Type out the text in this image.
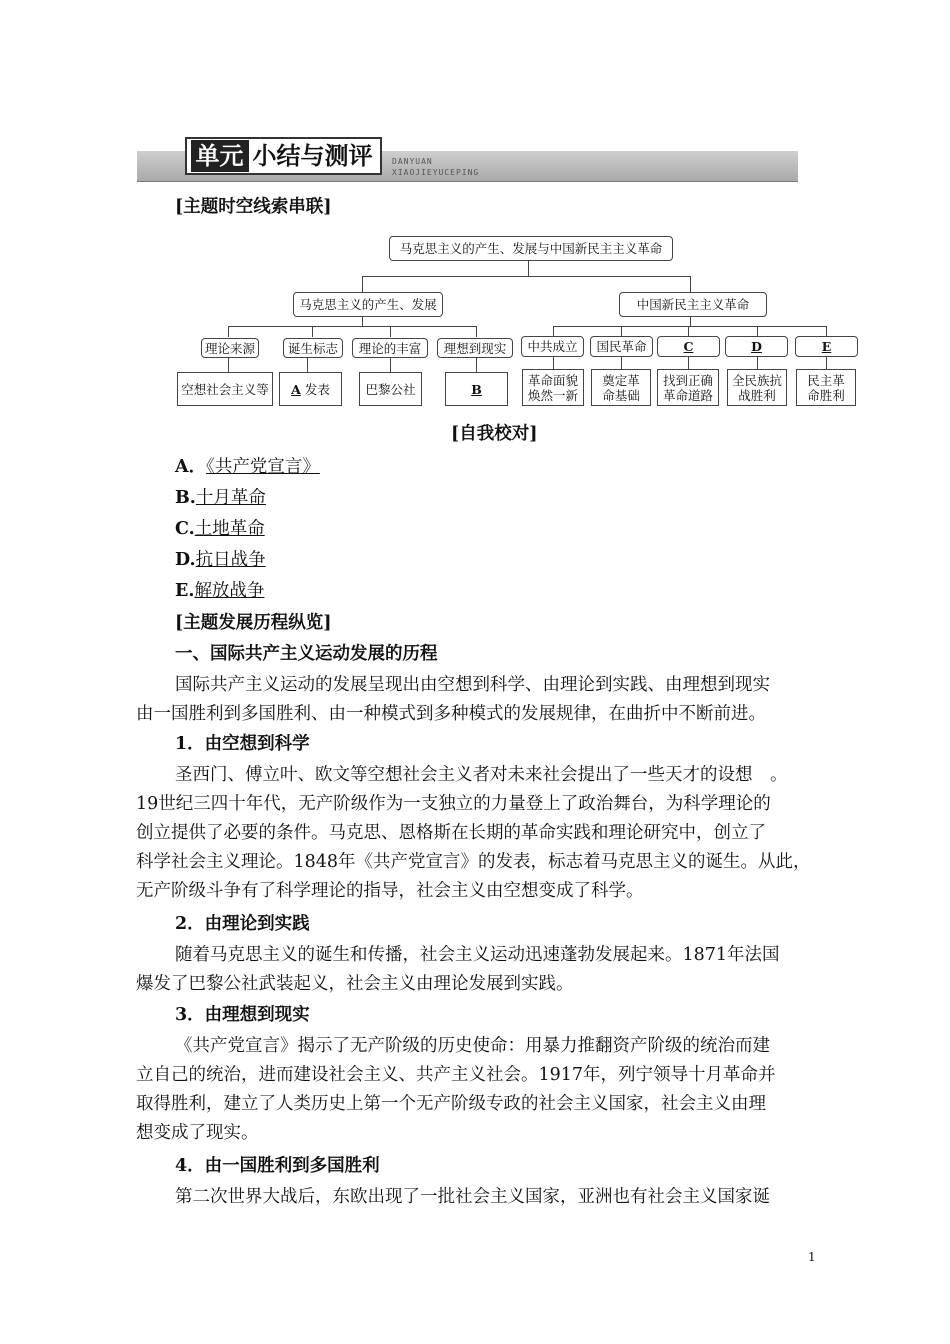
单元 小结与测评	DANYUAN
XIAOJIEYUCEPING
[主题时空线索串联]
马克思主义的产生、发展与中国新民主主义革命
马克思主义的产生、发展	中国新民主主义革命
理论来源	诞生标志	理论的丰富	理想到现实
空想社会主义等	A
发表	巴黎公社	B
中共成立	国民革命	C	D	E
革命面貌
焕然一新
奠定革
命基础
找到正确
革命道路
全民族抗
战胜利
民主革
命胜利
[自我校对]
A．《共产党宣言》
B.十月革命
C.土地革命
D.抗日战争
E.解放战争
[主题发展历程纵览]
一、国际共产主义运动发展的历程
国际共产主义运动的发展呈现出由空想到科学、由理论到实践、由理想到现实
由一国胜利到多国胜利、由一种模式到多种模式的发展规律，在曲折中不断前进。
1．由空想到科学
圣西门、傅立叶、欧文等空想社会主义者对未来社会提出了一些天才的设想　。
19世纪三四十年代，无产阶级作为一支独立的力量登上了政治舞台，为科学理论的
创立提供了必要的条件。马克思、恩格斯在长期的革命实践和理论研究中，创立了
科学社会主义理论。1848年《共产党宣言》的发表，标志着马克思主义的诞生。从此，
无产阶级斗争有了科学理论的指导，社会主义由空想变成了科学。
2．由理论到实践
随着马克思主义的诞生和传播，社会主义运动迅速蓬勃发展起来。1871年法国
爆发了巴黎公社武装起义，社会主义由理论发展到实践。
3．由理想到现实
《共产党宣言》揭示了无产阶级的历史使命：用暴力推翻资产阶级的统治而建
立自己的统治，进而建设社会主义、共产主义社会。1917年，列宁领导十月革命并
取得胜利，建立了人类历史上第一个无产阶级专政的社会主义国家，社会主义由理
想变成了现实。
4．由一国胜利到多国胜利
第二次世界大战后，东欧出现了一批社会主义国家，亚洲也有社会主义国家诞
1
